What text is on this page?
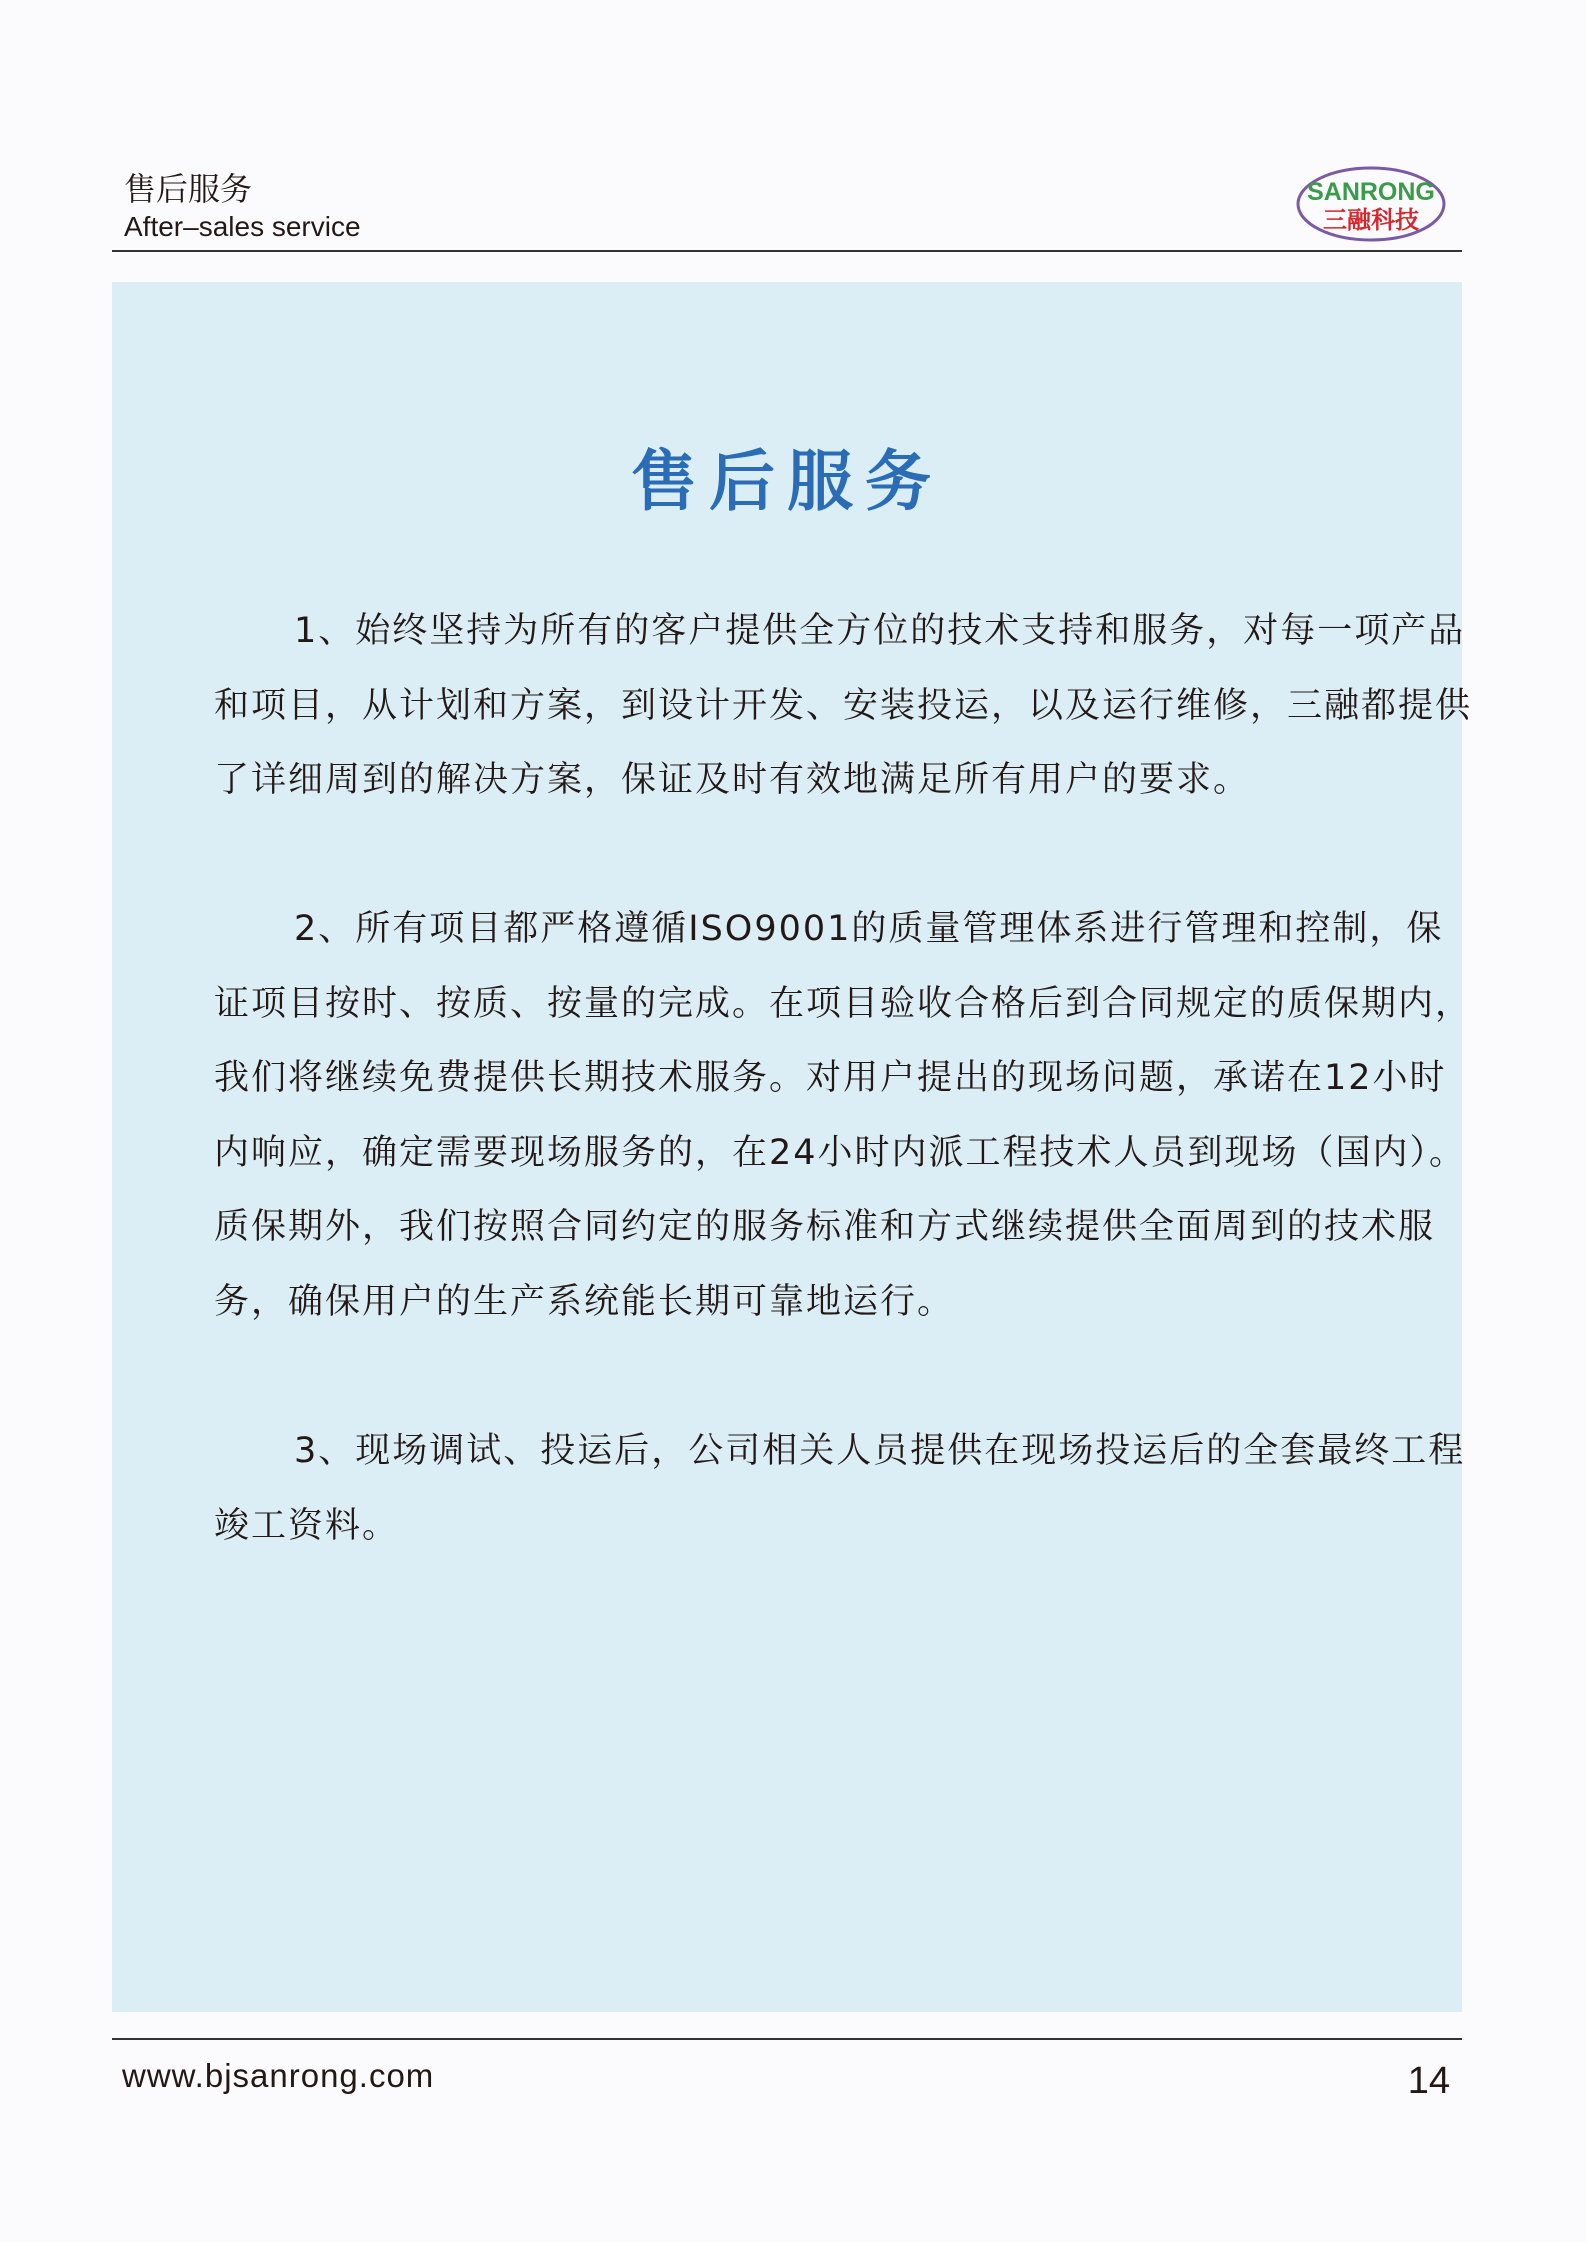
售后服务
After–sales service
SANRONG
三融科技
售后服务

1、始终坚持为所有的客户提供全方位的技术支持和服务，对每一项产品和项目，从计划和方案，到设计开发、安装投运，以及运行维修，三融都提供了详细周到的解决方案，保证及时有效地满足所有用户的要求。

2、所有项目都严格遵循ISO9001的质量管理体系进行管理和控制，保证项目按时、按质、按量的完成。在项目验收合格后到合同规定的质保期内，我们将继续免费提供长期技术服务。对用户提出的现场问题，承诺在12小时内响应，确定需要现场服务的，在24小时内派工程技术人员到现场（国内）。质保期外，我们按照合同约定的服务标准和方式继续提供全面周到的技术服务，确保用户的生产系统能长期可靠地运行。

3、现场调试、投运后，公司相关人员提供在现场投运后的全套最终工程竣工资料。

www.bjsanrong.com	14
